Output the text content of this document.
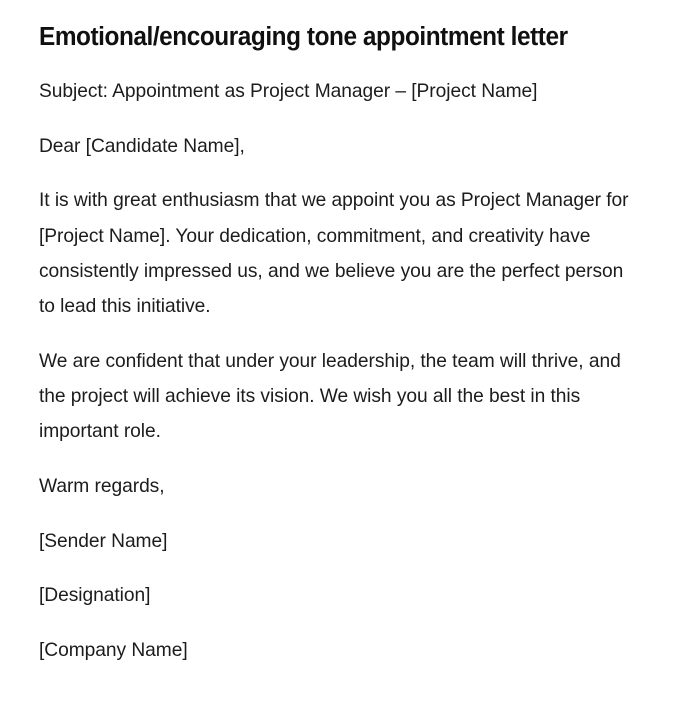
Emotional/encouraging tone appointment letter

Subject: Appointment as Project Manager – [Project Name]

Dear [Candidate Name],

It is with great enthusiasm that we appoint you as Project Manager for [Project Name]. Your dedication, commitment, and creativity have consistently impressed us, and we believe you are the perfect person to lead this initiative.

We are confident that under your leadership, the team will thrive, and the project will achieve its vision. We wish you all the best in this important role.

Warm regards,

[Sender Name]

[Designation]

[Company Name]
